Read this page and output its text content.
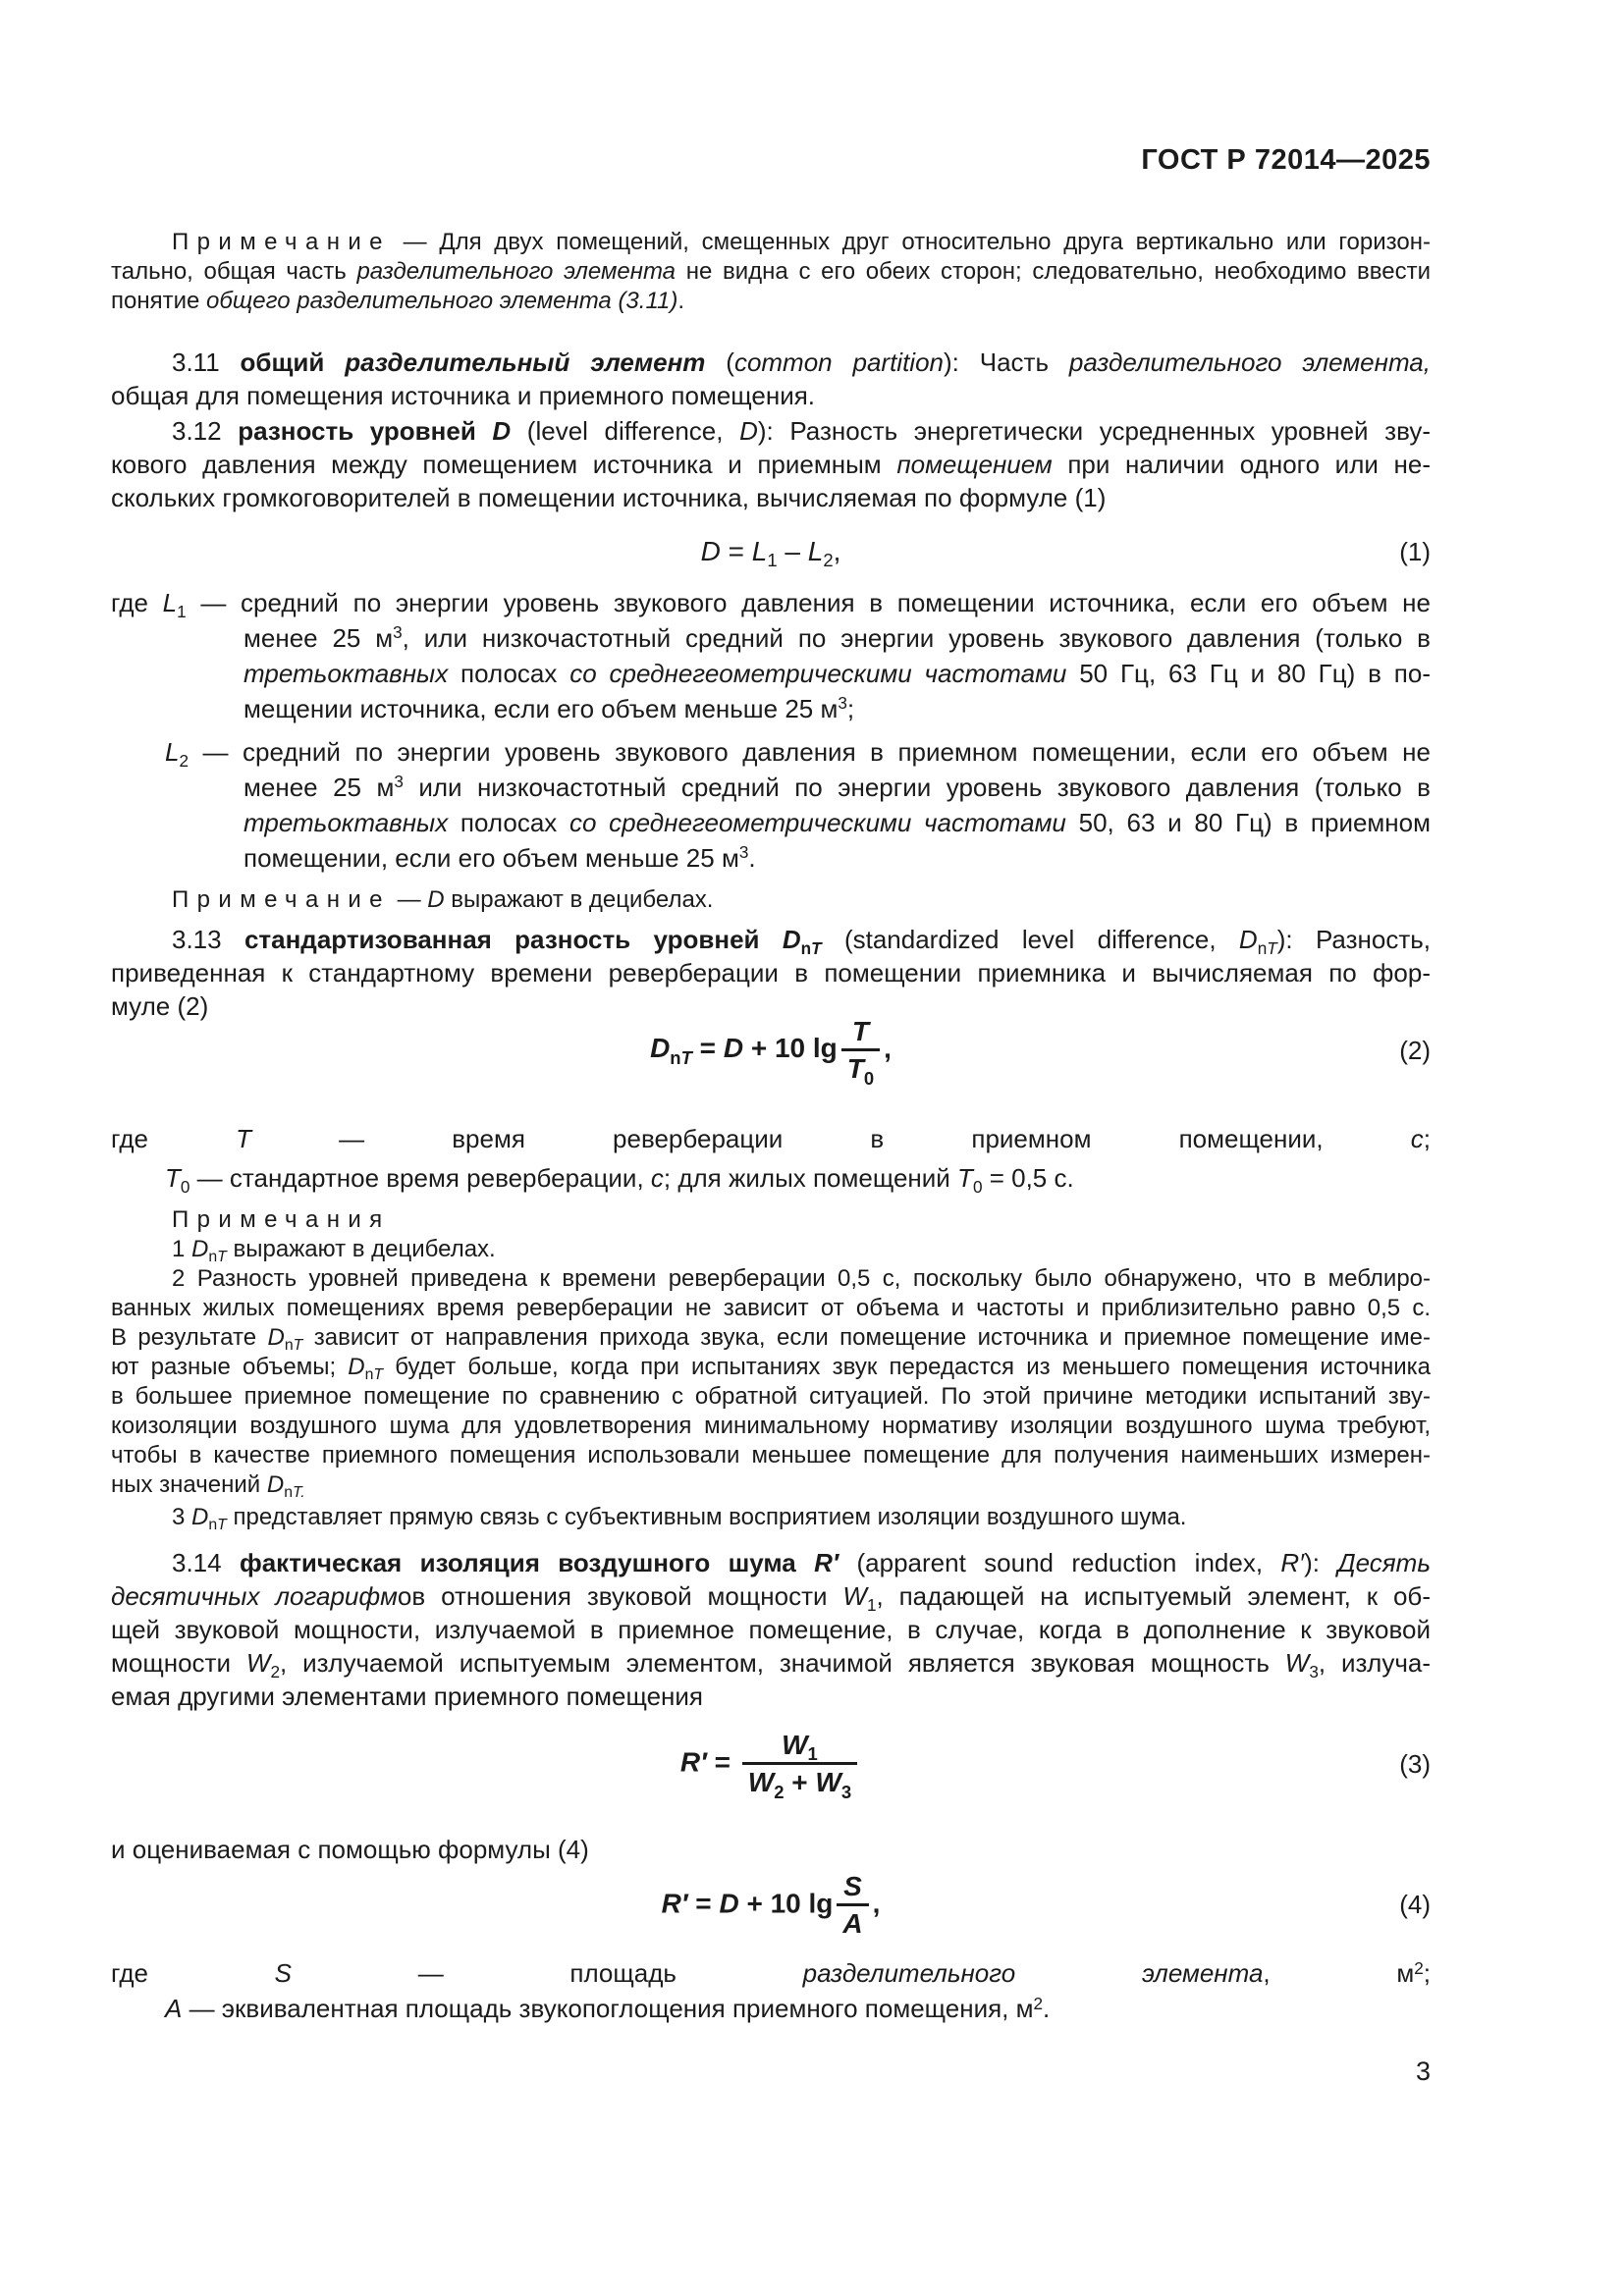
ГОСТ Р 72014—2025
Примечание — Для двух помещений, смещенных друг относительно друга вертикально или горизон-
тально, общая часть разделительного элемента не видна с его обеих сторон; следовательно, необходимо ввести
понятие общего разделительного элемента (3.11).
3.11 общий разделительный элемент (common partition): Часть разделительного элемента,
общая для помещения источника и приемного помещения.
3.12 разность уровней D (level difference, D): Разность энергетически усредненных уровней зву-
кового давления между помещением источника и приемным помещением при наличии одного или не-
скольких громкоговорителей в помещении источника, вычисляемая по формуле (1)
$D = L_1 - L_2$,	(1)
где $L_1$ — средний по энергии уровень звукового давления в помещении источника, если его объем не
менее 25 $м^3$, или низкочастотный средний по энергии уровень звукового давления (только в
третьоктавных полосах со среднегеометрическими частотами 50 Гц, 63 Гц и 80 Гц) в по-
мещении источника, если его объем меньше 25 $м^3$;
$L_2$ — средний по энергии уровень звукового давления в приемном помещении, если его объем не
менее 25 $м^3$ или низкочастотный средний по энергии уровень звукового давления (только в
третьоктавных полосах со среднегеометрическими частотами 50, 63 и 80 Гц) в приемном
помещении, если его объем меньше 25 $м^3$.
Примечание — D выражают в децибелах.
3.13 стандартизованная разность уровней $D_{nT}$ (standardized level difference, $D_{nT}$): Разность,
приведенная к стандартному времени реверберации в помещении приемника и вычисляемая по фор-
муле (2)
$D_{nT} = D + 10$ $\lg \frac{T}{T_0}$ ,	(2)
где T — время реверберации в приемном помещении, с;
$T_0$ — стандартное время реверберации, с; для жилых помещений $T_0 = 0,5$ с.
Примечания
1 $D_{nT}$ выражают в децибелах.
2 Разность уровней приведена к времени реверберации 0,5 с, поскольку было обнаружено, что в меблиро-
ванных жилых помещениях время реверберации не зависит от объема и частоты и приблизительно равно 0,5 с.
В результате $D_{nT}$ зависит от направления прихода звука, если помещение источника и приемное помещение име-
ют разные объемы; $D_{nT}$ будет больше, когда при испытаниях звук передастся из меньшего помещения источника
в большее приемное помещение по сравнению с обратной ситуацией. По этой причине методики испытаний зву-
коизоляции воздушного шума для удовлетворения минимальному нормативу изоляции воздушного шума требуют,
чтобы в качестве приемного помещения использовали меньшее помещение для получения наименьших измерен-
ных значений $D_{nT.}$
3 $D_{nT}$ представляет прямую связь с субъективным восприятием изоляции воздушного шума.
3.14 фактическая изоляция воздушного шума R′ (apparent sound reduction index, R′): Десять
десятичных логарифмов отношения звуковой мощности $W_1$, падающей на испытуемый элемент, к об-
щей звуковой мощности, излучаемой в приемное помещение, в случае, когда в дополнение к звуковой
мощности $W_2$, излучаемой испытуемым элементом, значимой является звуковая мощность $W_3$, излуча-
емая другими элементами приемного помещения
$R' = \frac{W_1}{W_2 + W_3}$	(3)
и оцениваемая с помощью формулы (4)
R′ = D + 10 $\lg \frac{S}{A}$ ,	(4)
где S — площадь разделительного элемента, $м^2$;
A — эквивалентная площадь звукопоглощения приемного помещения, $м^2$.
3
